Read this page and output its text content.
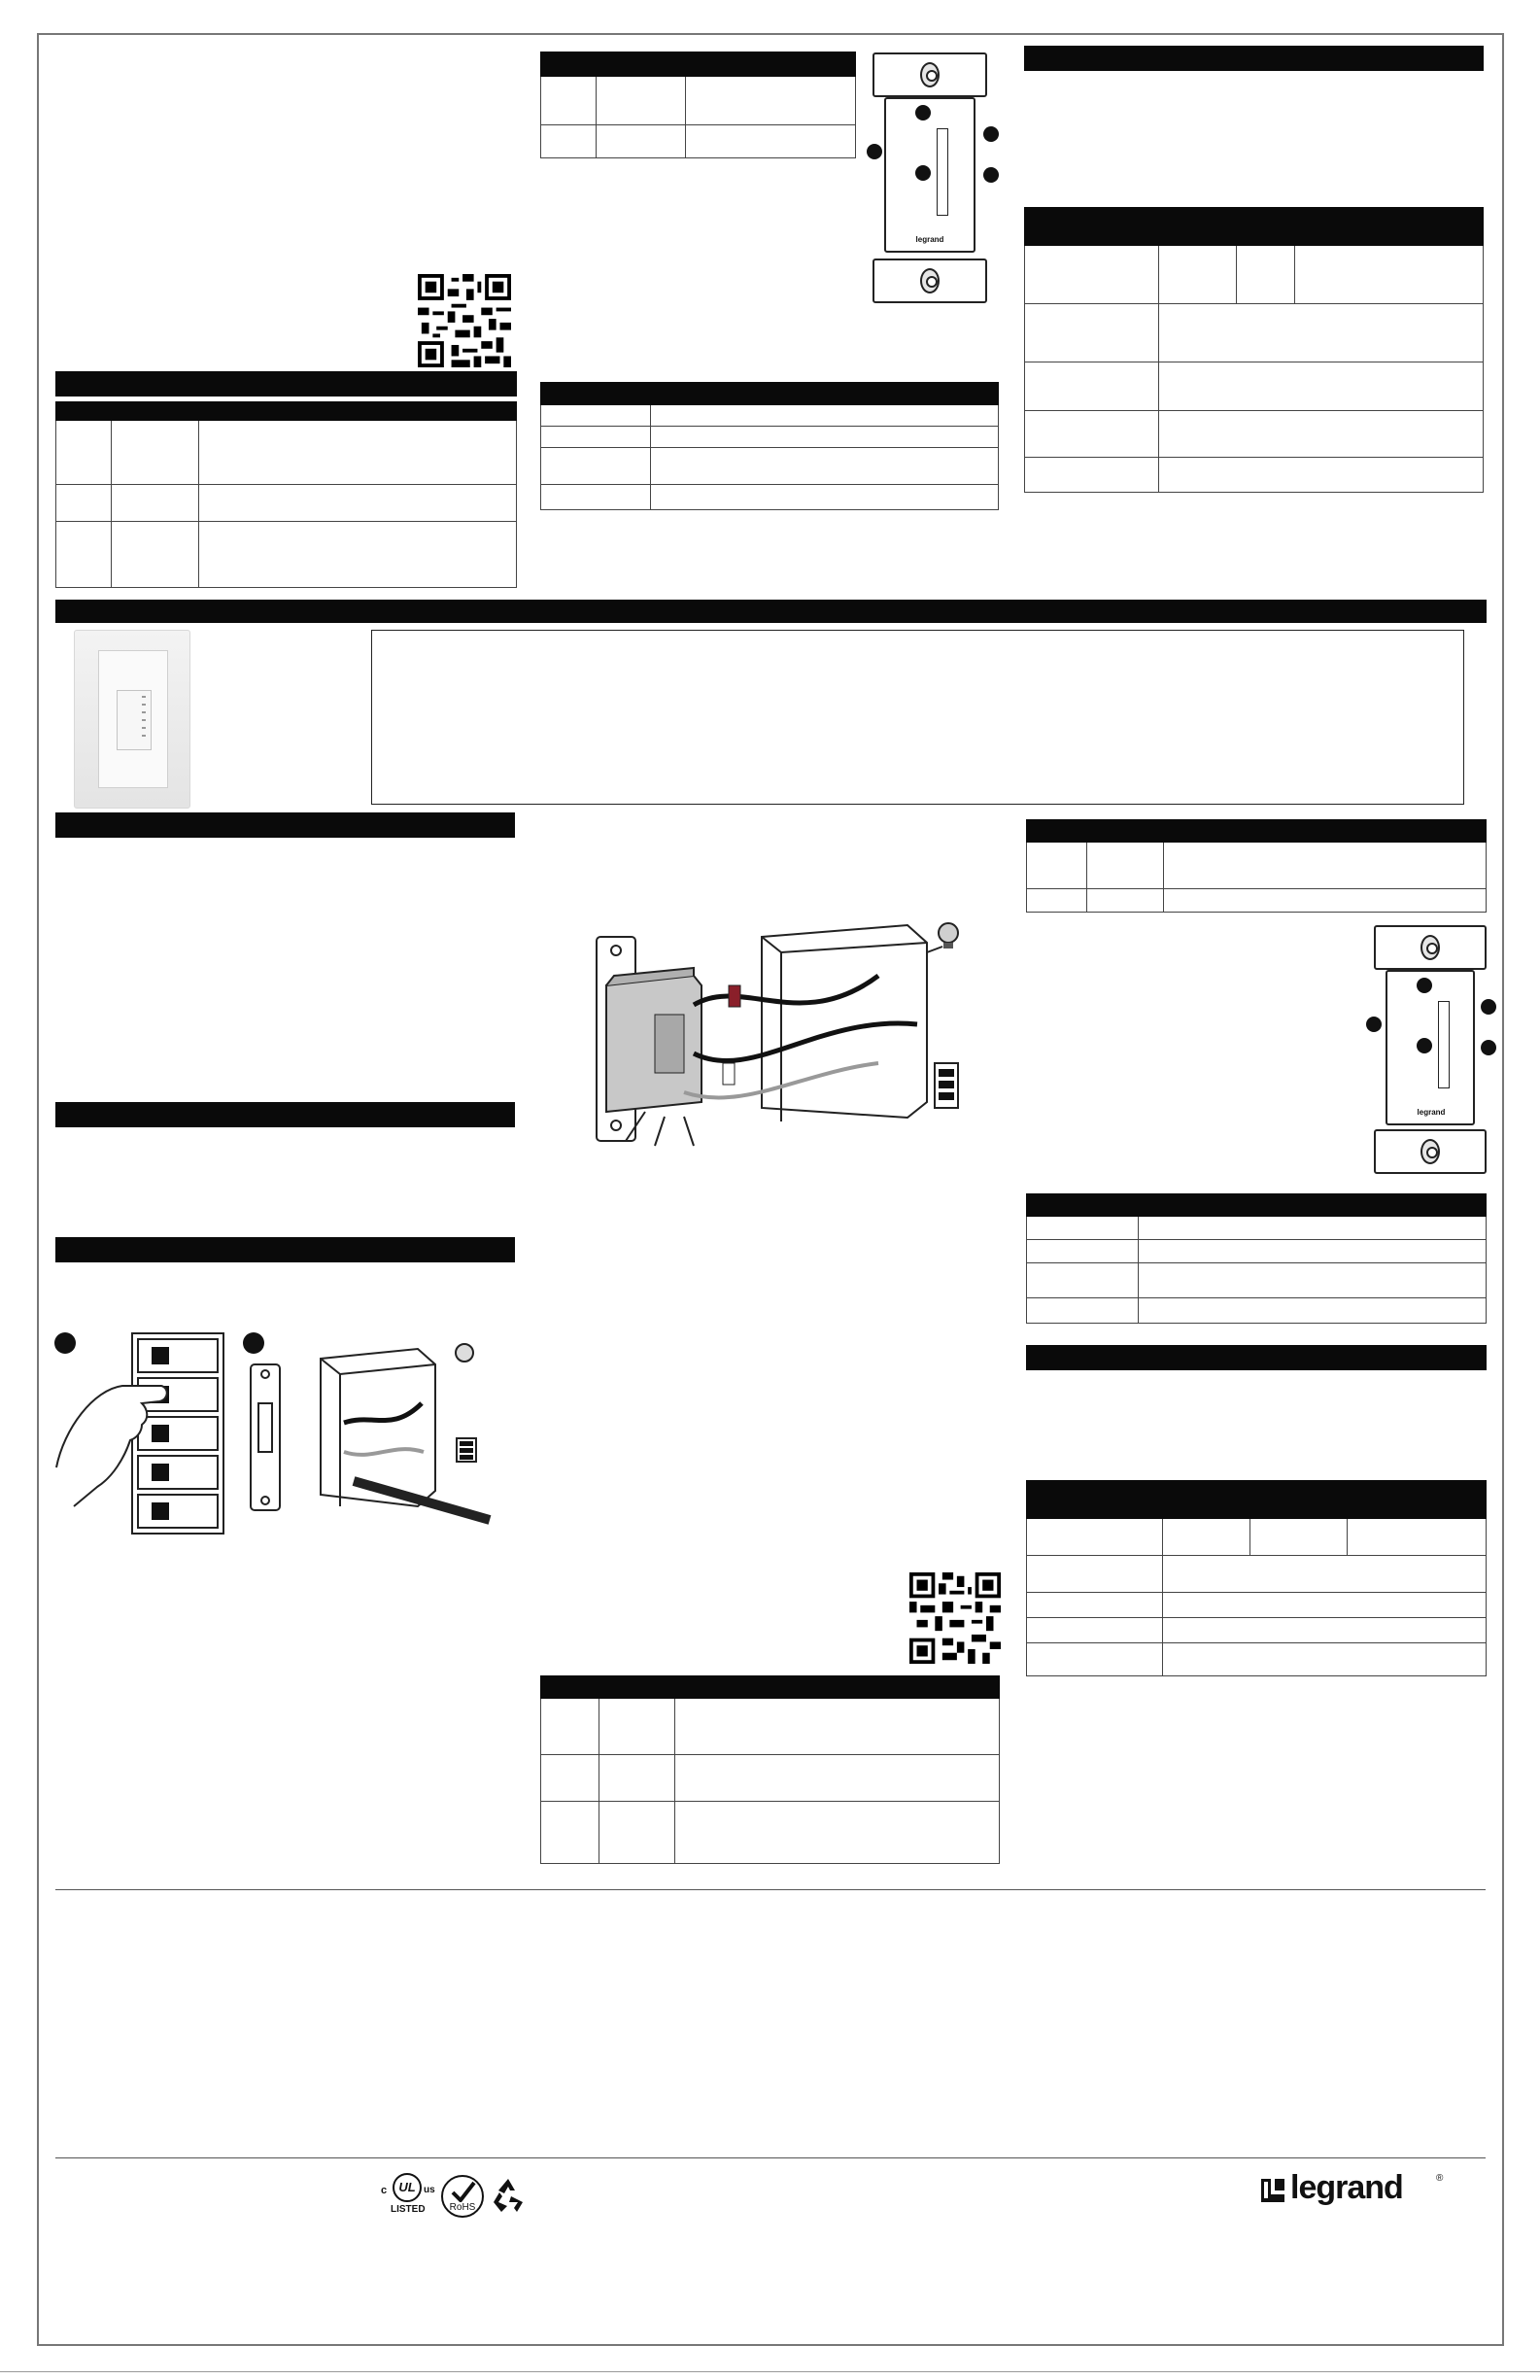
legrand

legrand

c UL us
LISTED	RoHS
legrand	®
